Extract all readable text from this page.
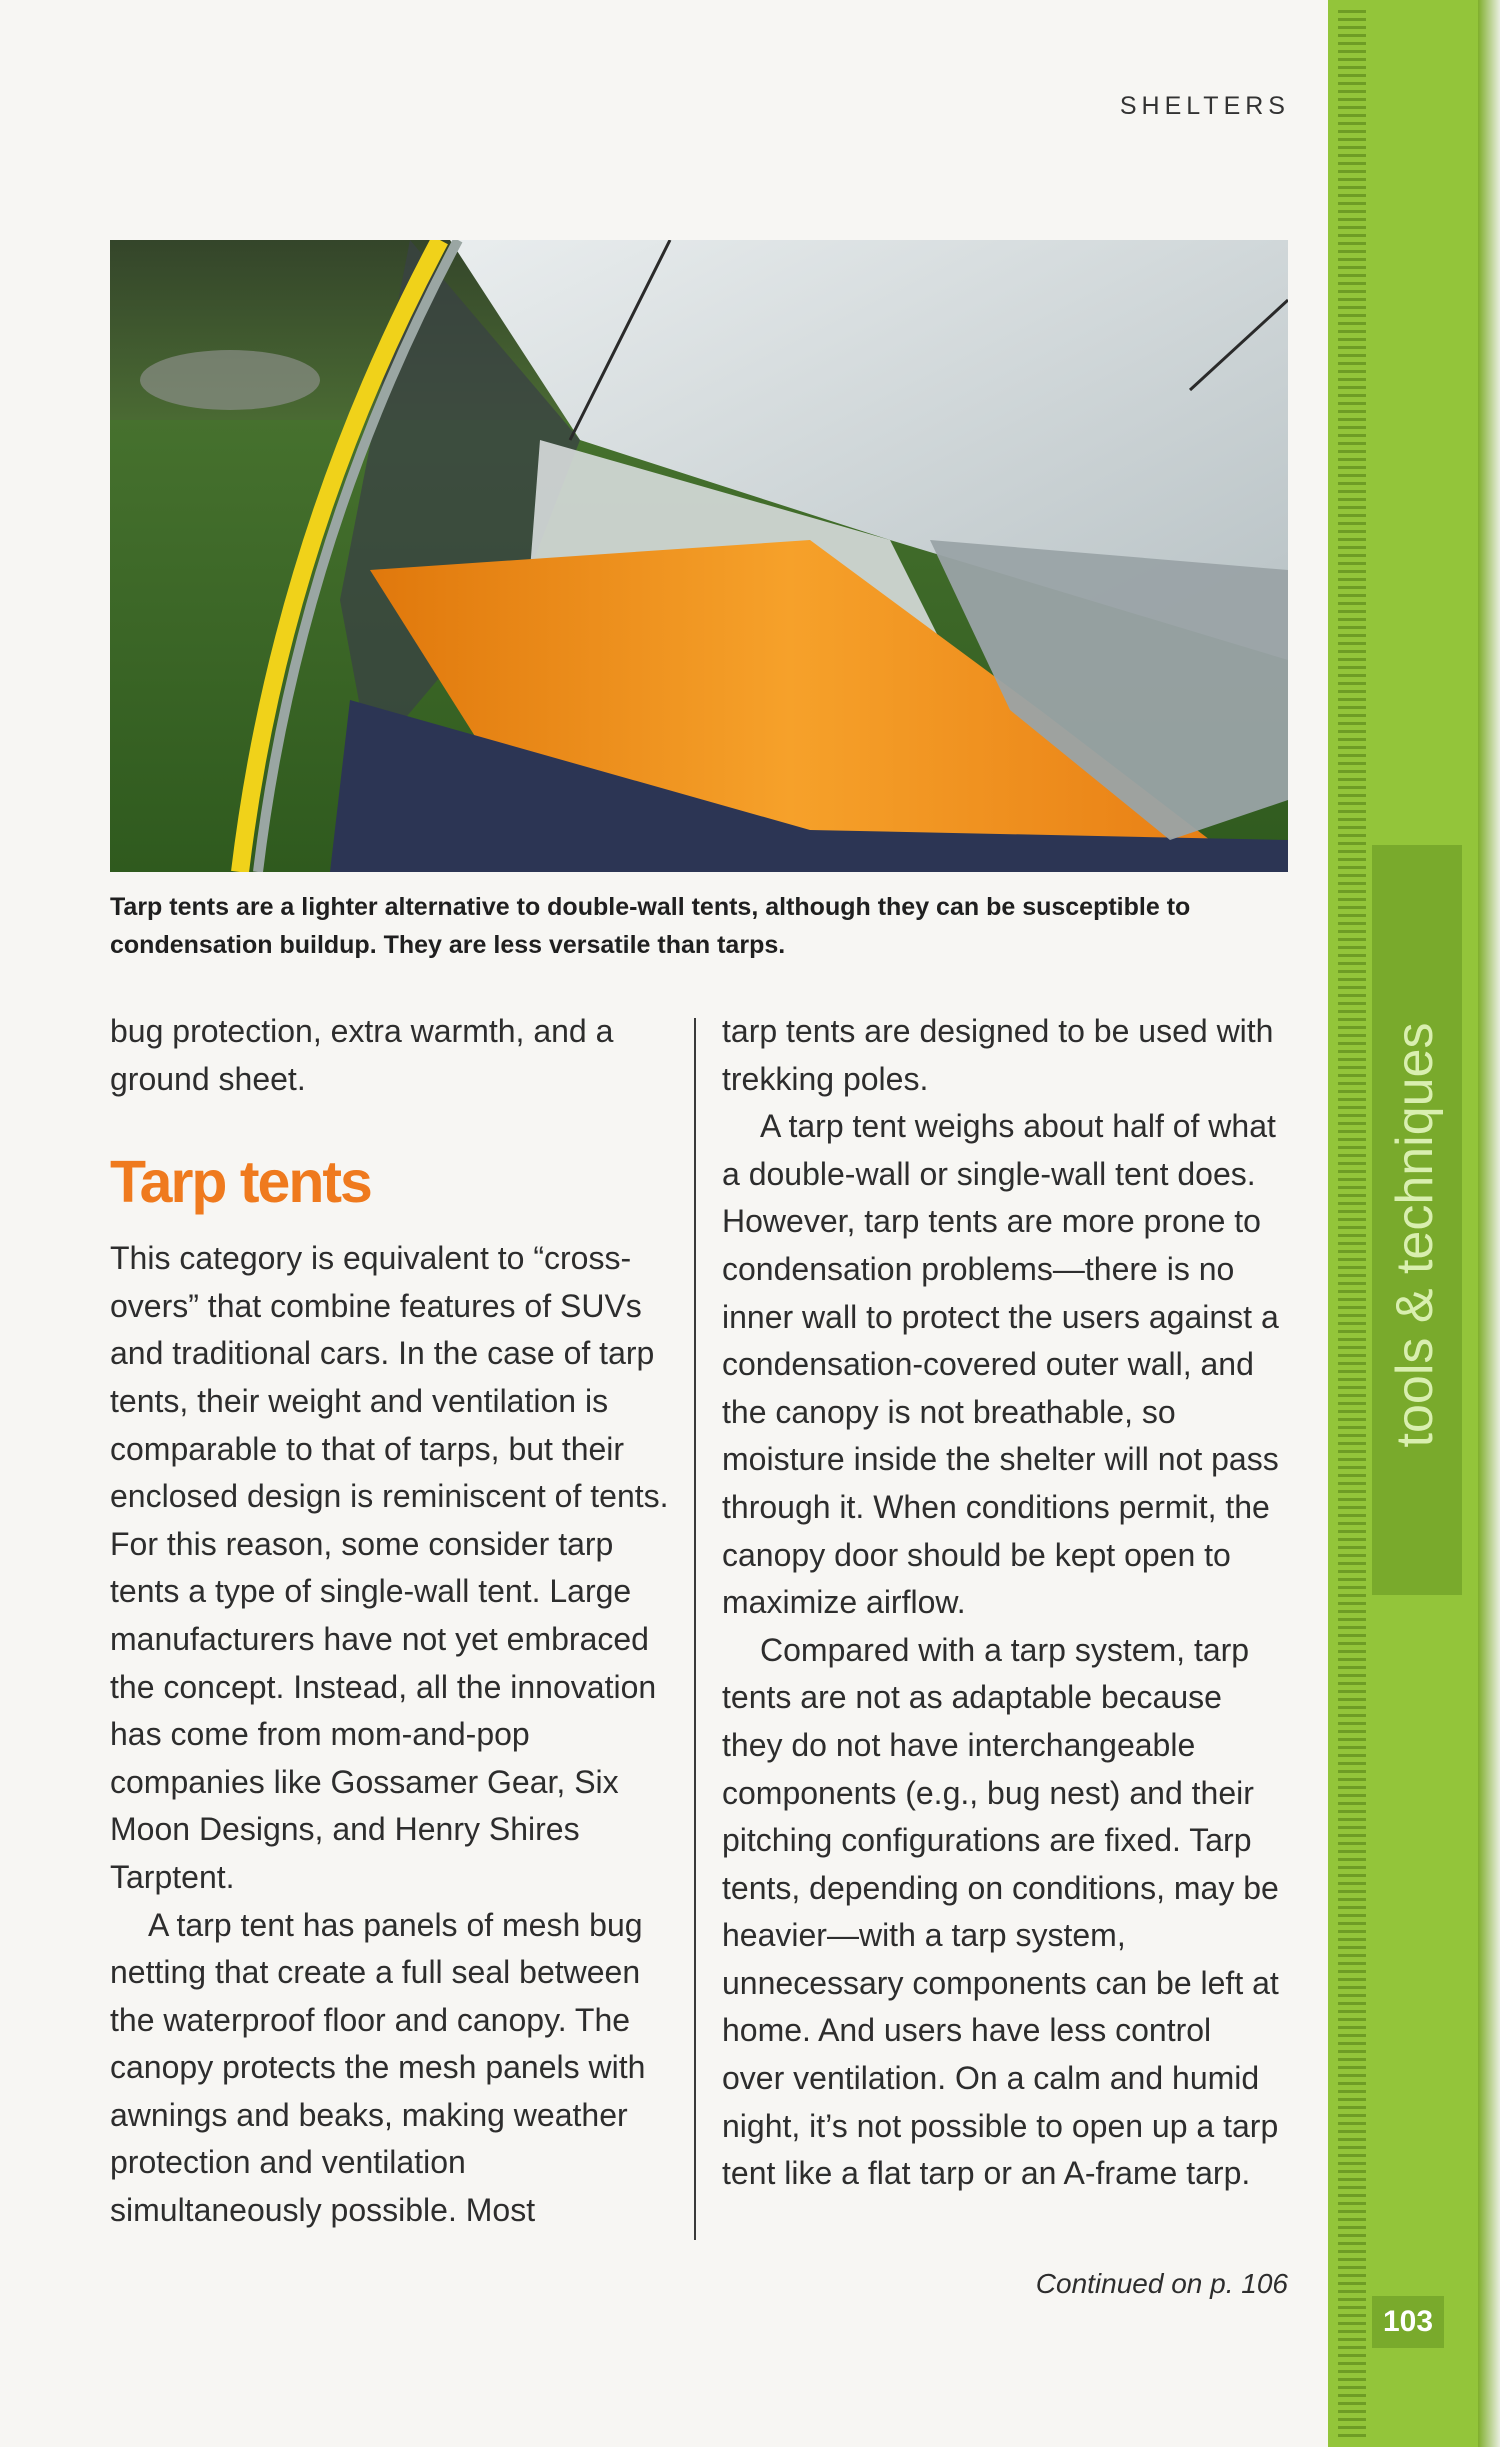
SHELTERS
Tarp tents are a lighter alternative to double-wall tents, although they can be susceptible to condensation buildup. They are less versatile than tarps.

bug protection, extra warmth, and a ground sheet.

Tarp tents

This category is equivalent to “cross-overs” that combine features of SUVs and traditional cars. In the case of tarp tents, their weight and ventilation is comparable to that of tarps, but their enclosed design is reminiscent of tents. For this reason, some consider tarp tents a type of single-wall tent. Large manufacturers have not yet embraced the concept. Instead, all the innovation has come from mom-and-pop companies like Gossamer Gear, Six Moon Designs, and Henry Shires Tarptent.

A tarp tent has panels of mesh bug netting that create a full seal between the waterproof floor and canopy. The canopy protects the mesh panels with awnings and beaks, making weather protection and ventilation simultaneously possible. Most

tarp tents are designed to be used with trekking poles.

A tarp tent weighs about half of what a double-wall or single-wall tent does. However, tarp tents are more prone to condensation problems—there is no inner wall to protect the users against a condensation-covered outer wall, and the canopy is not breathable, so moisture inside the shelter will not pass through it. When conditions permit, the canopy door should be kept open to maximize airflow.

Compared with a tarp system, tarp tents are not as adaptable because they do not have interchangeable components (e.g., bug nest) and their pitching configurations are fixed. Tarp tents, depending on conditions, may be heavier—with a tarp system, unnecessary components can be left at home. And users have less control over ventilation. On a calm and humid night, it’s not possible to open up a tarp tent like a flat tarp or an A-frame tarp.

Continued on p. 106
tools & techniques
103
